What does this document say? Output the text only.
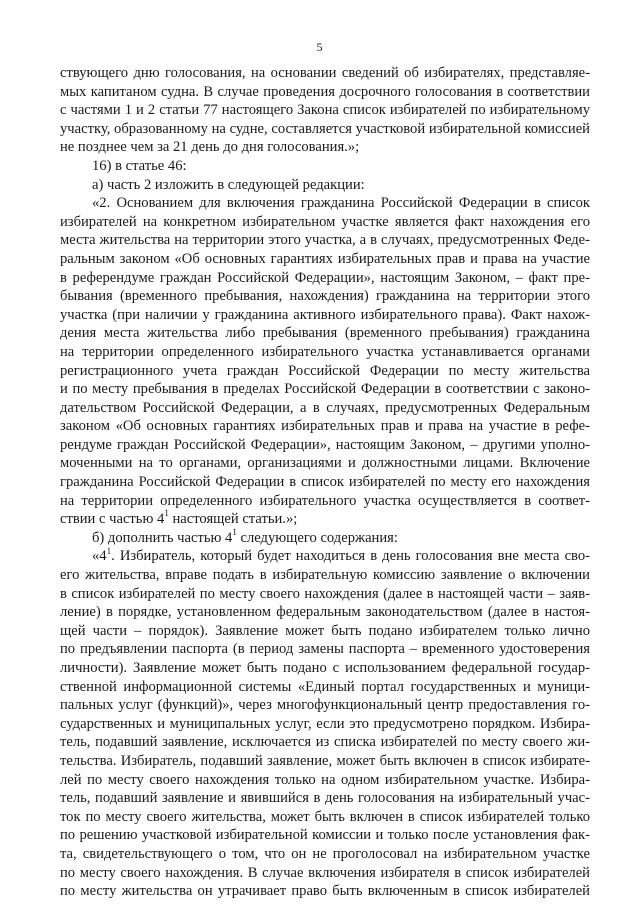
5
ствующего дню голосования, на основании сведений об избирателях, представляе-
мых капитаном судна. В случае проведения досрочного голосования в соответствии
с частями 1 и 2 статьи 77 настоящего Закона список избирателей по избирательному
участку, образованному на судне, составляется участковой избирательной комиссией
не позднее чем за 21 день до дня голосования.»;
16) в статье 46:
а) часть 2 изложить в следующей редакции:
«2. Основанием для включения гражданина Российской Федерации в список
избирателей на конкретном избирательном участке является факт нахождения его
места жительства на территории этого участка, а в случаях, предусмотренных Феде-
ральным законом «Об основных гарантиях избирательных прав и права на участие
в референдуме граждан Российской Федерации», настоящим Законом, – факт пре-
бывания (временного пребывания, нахождения) гражданина на территории этого
участка (при наличии у гражданина активного избирательного права). Факт нахож-
дения места жительства либо пребывания (временного пребывания) гражданина
на территории определенного избирательного участка устанавливается органами
регистрационного учета граждан Российской Федерации по месту жительства
и по месту пребывания в пределах Российской Федерации в соответствии с законо-
дательством Российской Федерации, а в случаях, предусмотренных Федеральным
законом «Об основных гарантиях избирательных прав и права на участие в рефе-
рендуме граждан Российской Федерации», настоящим Законом, – другими уполно-
моченными на то органами, организациями и должностными лицами. Включение
гражданина Российской Федерации в список избирателей по месту его нахождения
на территории определенного избирательного участка осуществляется в соответ-
ствии с частью $4^1$ настоящей статьи.»;
б) дополнить частью $4^1$ следующего содержания:
«$4^1$. Избиратель, который будет находиться в день голосования вне места сво-
его жительства, вправе подать в избирательную комиссию заявление о включении
в список избирателей по месту своего нахождения (далее в настоящей части – заяв-
ление) в порядке, установленном федеральным законодательством (далее в настоя-
щей части – порядок). Заявление может быть подано избирателем только лично
по предъявлении паспорта (в период замены паспорта – временного удостоверения
личности). Заявление может быть подано с использованием федеральной государ-
ственной информационной системы «Единый портал государственных и муници-
пальных услуг (функций)», через многофункциональный центр предоставления го-
сударственных и муниципальных услуг, если это предусмотрено порядком. Избира-
тель, подавший заявление, исключается из списка избирателей по месту своего жи-
тельства. Избиратель, подавший заявление, может быть включен в список избирате-
лей по месту своего нахождения только на одном избирательном участке. Избира-
тель, подавший заявление и явившийся в день голосования на избирательный учас-
ток по месту своего жительства, может быть включен в список избирателей только
по решению участковой избирательной комиссии и только после установления фак-
та, свидетельствующего о том, что он не проголосовал на избирательном участке
по месту своего нахождения. В случае включения избирателя в список избирателей
по месту жительства он утрачивает право быть включенным в список избирателей
